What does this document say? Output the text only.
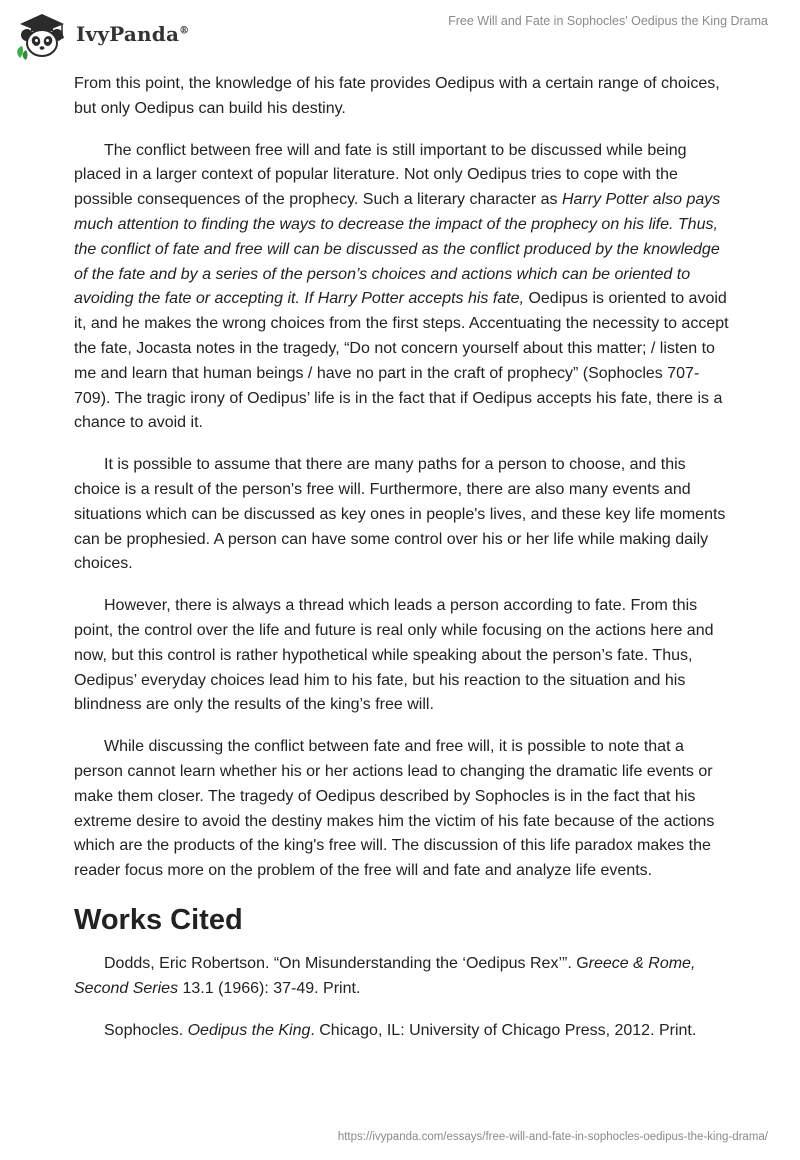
IvyPanda®
Free Will and Fate in Sophocles' Oedipus the King Drama

From this point, the knowledge of his fate provides Oedipus with a certain range of choices, but only Oedipus can build his destiny.

The conflict between free will and fate is still important to be discussed while being placed in a larger context of popular literature. Not only Oedipus tries to cope with the possible consequences of the prophecy. Such a literary character as Harry Potter also pays much attention to finding the ways to decrease the impact of the prophecy on his life. Thus, the conflict of fate and free will can be discussed as the conflict produced by the knowledge of the fate and by a series of the person’s choices and actions which can be oriented to avoiding the fate or accepting it. If Harry Potter accepts his fate, Oedipus is oriented to avoid it, and he makes the wrong choices from the first steps. Accentuating the necessity to accept the fate, Jocasta notes in the tragedy, “Do not concern yourself about this matter; / listen to me and learn that human beings / have no part in the craft of prophecy” (Sophocles 707-709). The tragic irony of Oedipus’ life is in the fact that if Oedipus accepts his fate, there is a chance to avoid it.

It is possible to assume that there are many paths for a person to choose, and this choice is a result of the person's free will. Furthermore, there are also many events and situations which can be discussed as key ones in people's lives, and these key life moments can be prophesied. A person can have some control over his or her life while making daily choices.

However, there is always a thread which leads a person according to fate. From this point, the control over the life and future is real only while focusing on the actions here and now, but this control is rather hypothetical while speaking about the person’s fate. Thus, Oedipus’ everyday choices lead him to his fate, but his reaction to the situation and his blindness are only the results of the king’s free will.

While discussing the conflict between fate and free will, it is possible to note that a person cannot learn whether his or her actions lead to changing the dramatic life events or make them closer. The tragedy of Oedipus described by Sophocles is in the fact that his extreme desire to avoid the destiny makes him the victim of his fate because of the actions which are the products of the king's free will. The discussion of this life paradox makes the reader focus more on the problem of the free will and fate and analyze life events.

Works Cited

Dodds, Eric Robertson. “On Misunderstanding the ‘Oedipus Rex’”. Greece & Rome, Second Series 13.1 (1966): 37-49. Print.

Sophocles. Oedipus the King. Chicago, IL: University of Chicago Press, 2012. Print.

https://ivypanda.com/essays/free-will-and-fate-in-sophocles-oedipus-the-king-drama/
